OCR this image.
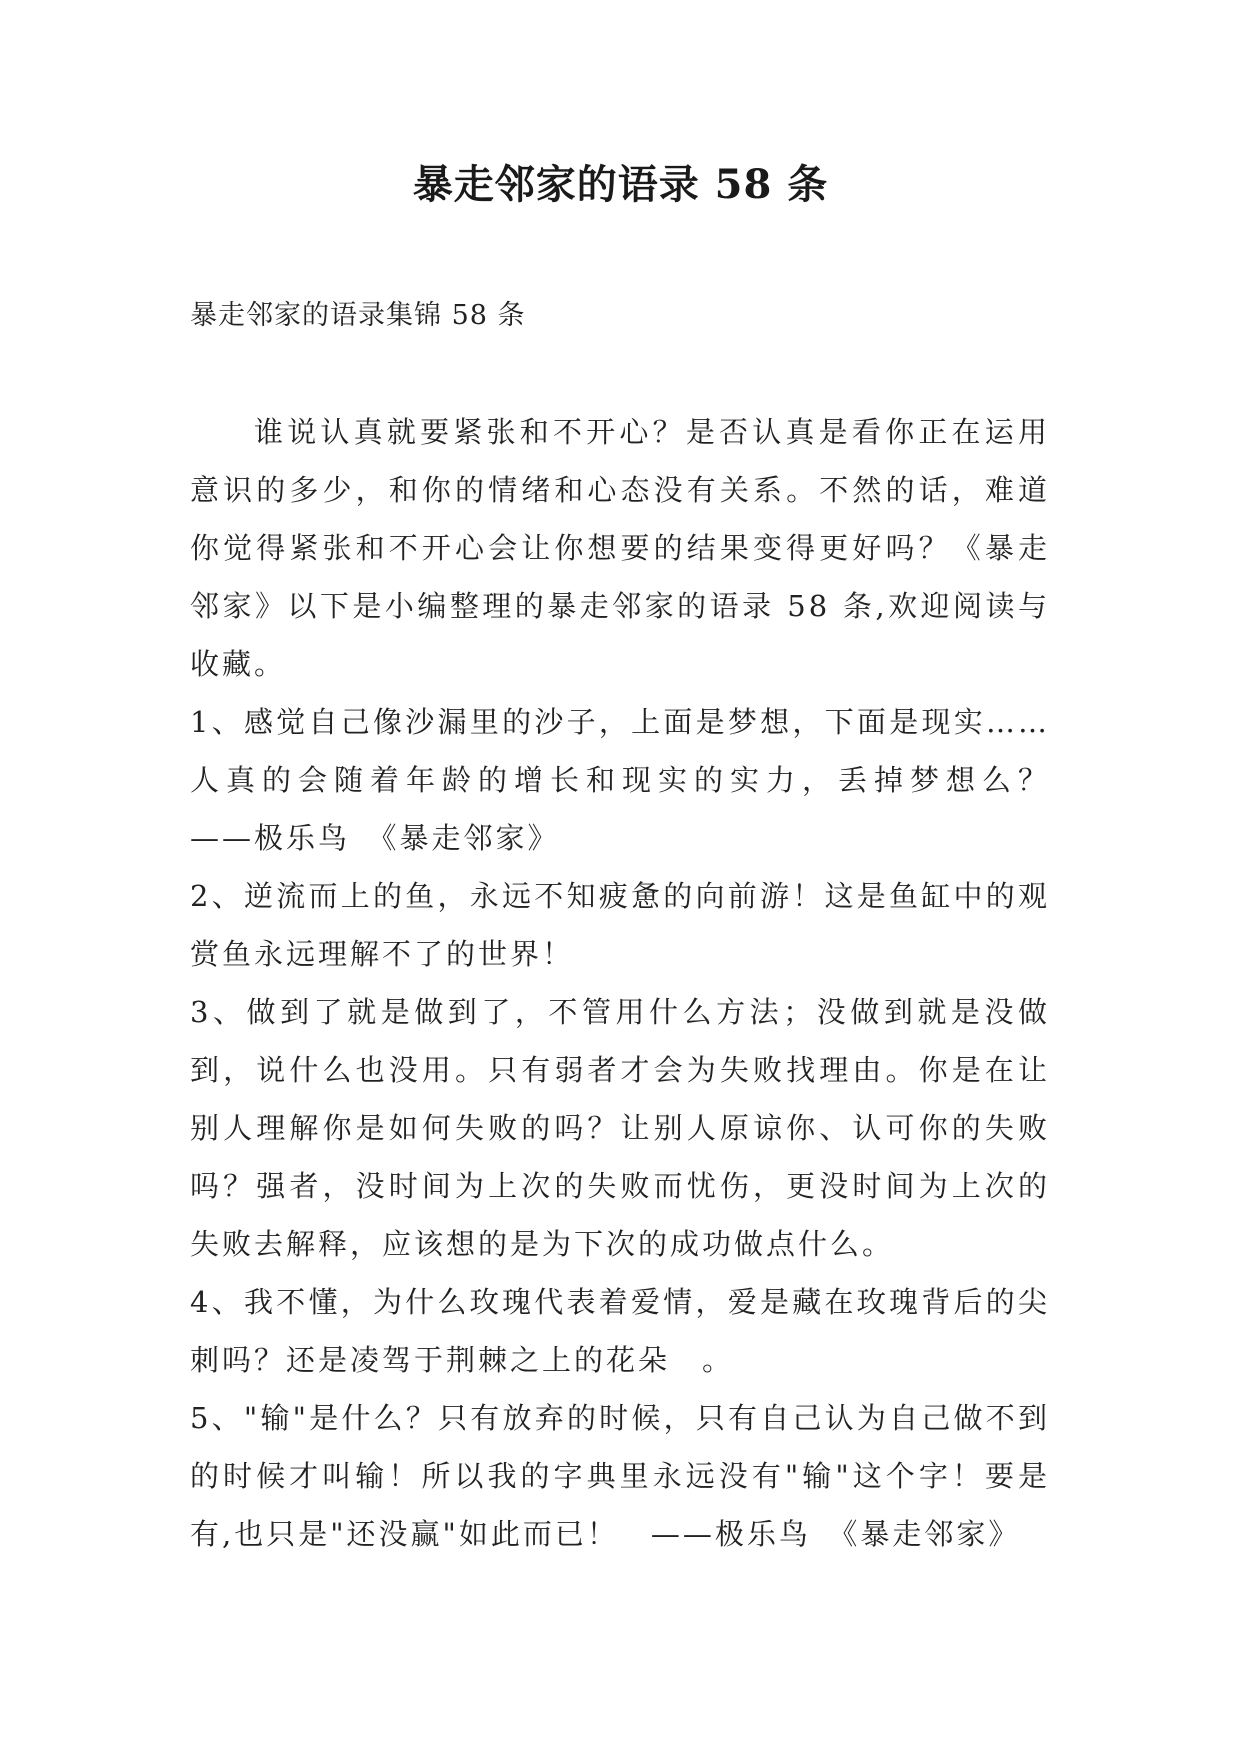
暴走邻家的语录 58 条
暴走邻家的语录集锦 58 条

谁说认真就要紧张和不开心？是否认真是看你正在运用意识的多少，和你的情绪和心态没有关系。不然的话，难道你觉得紧张和不开心会让你想要的结果变得更好吗？《暴走邻家》以下是小编整理的暴走邻家的语录 58 条,欢迎阅读与收藏。

1、感觉自己像沙漏里的沙子，上面是梦想，下面是现实……人真的会随着年龄的增长和现实的实力，丢掉梦想么？　——极乐鸟　《暴走邻家》

2、逆流而上的鱼，永远不知疲惫的向前游！这是鱼缸中的观赏鱼永远理解不了的世界！

3、做到了就是做到了，不管用什么方法；没做到就是没做到，说什么也没用。只有弱者才会为失败找理由。你是在让别人理解你是如何失败的吗？让别人原谅你、认可你的失败吗？强者，没时间为上次的失败而忧伤，更没时间为上次的失败去解释，应该想的是为下次的成功做点什么。

4、我不懂，为什么玫瑰代表着爱情，爱是藏在玫瑰背后的尖刺吗？还是凌驾于荆棘之上的花朵　。

5、"输"是什么？只有放弃的时候，只有自己认为自己做不到的时候才叫输！所以我的字典里永远没有"输"这个字！要是有,也只是"还没赢"如此而已！　——极乐鸟　《暴走邻家》
